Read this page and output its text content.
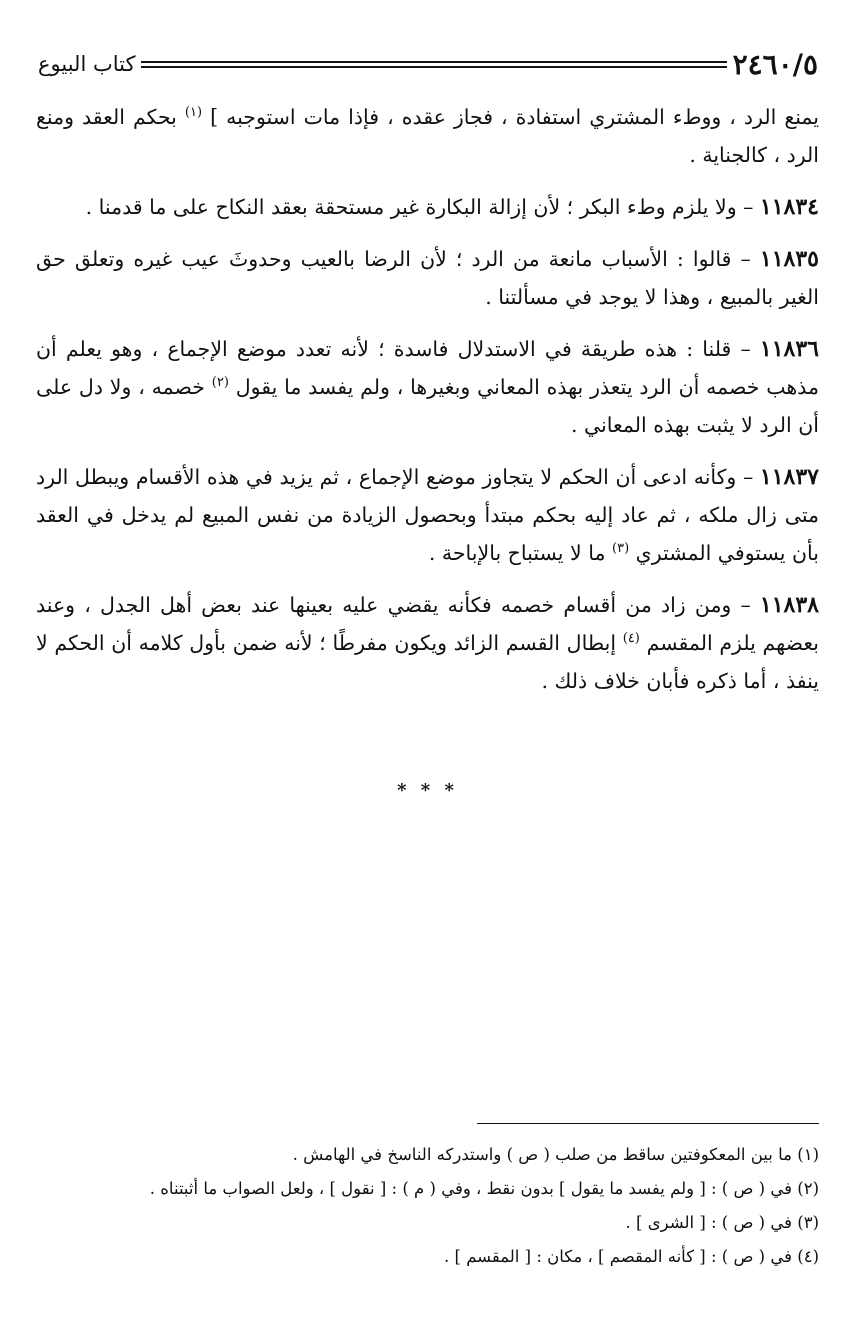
٢٤٦٠/٥
كتاب البيوع

يمنع الرد ، ووطء المشتري استفادة ، فجاز عقده ، فإذا مات استوجبه ] $^{(١)}$ بحكم العقد ومنع الرد ، كالجناية .

١١٨٣٤ – ولا يلزم وطء البكر ؛ لأن إزالة البكارة غير مستحقة بعقد النكاح على ما قدمنا .

١١٨٣٥ – قالوا : الأسباب مانعة من الرد ؛ لأن الرضا بالعيب وحدوثَ عيب غيره وتعلق حق الغير بالمبيع ، وهذا لا يوجد في مسألتنا .

١١٨٣٦ – قلنا : هذه طريقة في الاستدلال فاسدة ؛ لأنه تعدد موضع الإجماع ، وهو يعلم أن مذهب خصمه أن الرد يتعذر بهذه المعاني وبغيرها ، ولم يفسد ما يقول $^{(٢)}$ خصمه ، ولا دل على أن الرد لا يثبت بهذه المعاني .

١١٨٣٧ – وكأنه ادعى أن الحكم لا يتجاوز موضع الإجماع ، ثم يزيد في هذه الأقسام ويبطل الرد متى زال ملكه ، ثم عاد إليه بحكم مبتدأ وبحصول الزيادة من نفس المبيع لم يدخل في العقد بأن يستوفي المشتري $^{(٣)}$ ما لا يستباح بالإباحة .

١١٨٣٨ – ومن زاد من أقسام خصمه فكأنه يقضي عليه بعينها عند بعض أهل الجدل ، وعند بعضهم يلزم المقسم $^{(٤)}$ إبطال القسم الزائد ويكون مفرطًا ؛ لأنه ضمن بأول كلامه أن الحكم لا ينفذ ، أما ذكره فأبان خلاف ذلك .

* * *

(١) ما بين المعكوفتين ساقط من صلب ( ص ) واستدركه الناسخ في الهامش .

(٢) في ( ص ) : [ ولم يفسد ما يقول ] بدون نقط ، وفي ( م ) : [ نقول ] ، ولعل الصواب ما أثبتناه .

(٣) في ( ص ) : [ الشرى ] .

(٤) في ( ص ) : [ كأنه المقصم ] ، مكان : [ المقسم ] .
